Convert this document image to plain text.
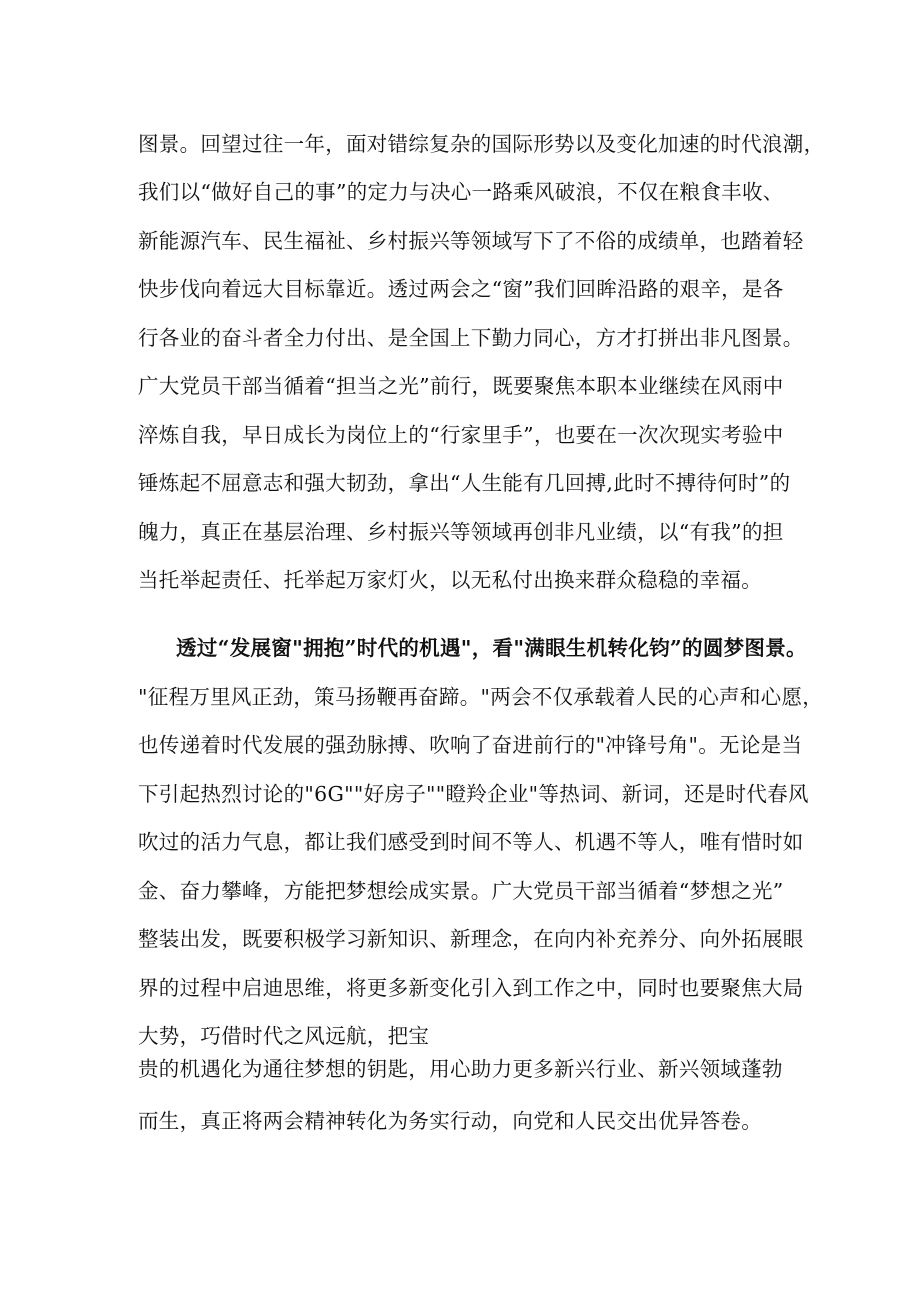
图景。回望过往一年，面对错综复杂的国际形势以及变化加速的时代浪潮，
我们以“做好自己的事”的定力与决心一路乘风破浪，不仅在粮食丰收、
新能源汽车、民生福祉、乡村振兴等领域写下了不俗的成绩单，也踏着轻
快步伐向着远大目标靠近。透过两会之“窗”我们回眸沿路的艰辛，是各
行各业的奋斗者全力付出、是全国上下勤力同心，方才打拼出非凡图景。
广大党员干部当循着“担当之光”前行，既要聚焦本职本业继续在风雨中
淬炼自我，早日成长为岗位上的“行家里手”，也要在一次次现实考验中
锤炼起不屈意志和强大韧劲，拿出“人生能有几回搏,此时不搏待何时”的
魄力，真正在基层治理、乡村振兴等领域再创非凡业绩，以“有我”的担
当托举起责任、托举起万家灯火，以无私付出换来群众稳稳的幸福。
透过“发展窗"拥抱”时代的机遇"，看"满眼生机转化钧”的圆梦图景。
"征程万里风正劲，策马扬鞭再奋蹄。"两会不仅承载着人民的心声和心愿，
也传递着时代发展的强劲脉搏、吹响了奋进前行的"冲锋号角"。无论是当
下引起热烈讨论的"6G""好房子""瞪羚企业"等热词、新词，还是时代春风
吹过的活力气息，都让我们感受到时间不等人、机遇不等人，唯有惜时如
金、奋力攀峰，方能把梦想绘成实景。广大党员干部当循着“梦想之光”
整装出发，既要积极学习新知识、新理念，在向内补充养分、向外拓展眼
界的过程中启迪思维，将更多新变化引入到工作之中，同时也要聚焦大局
大势，巧借时代之风远航，把宝
贵的机遇化为通往梦想的钥匙，用心助力更多新兴行业、新兴领域蓬勃
而生，真正将两会精神转化为务实行动，向党和人民交出优异答卷。
